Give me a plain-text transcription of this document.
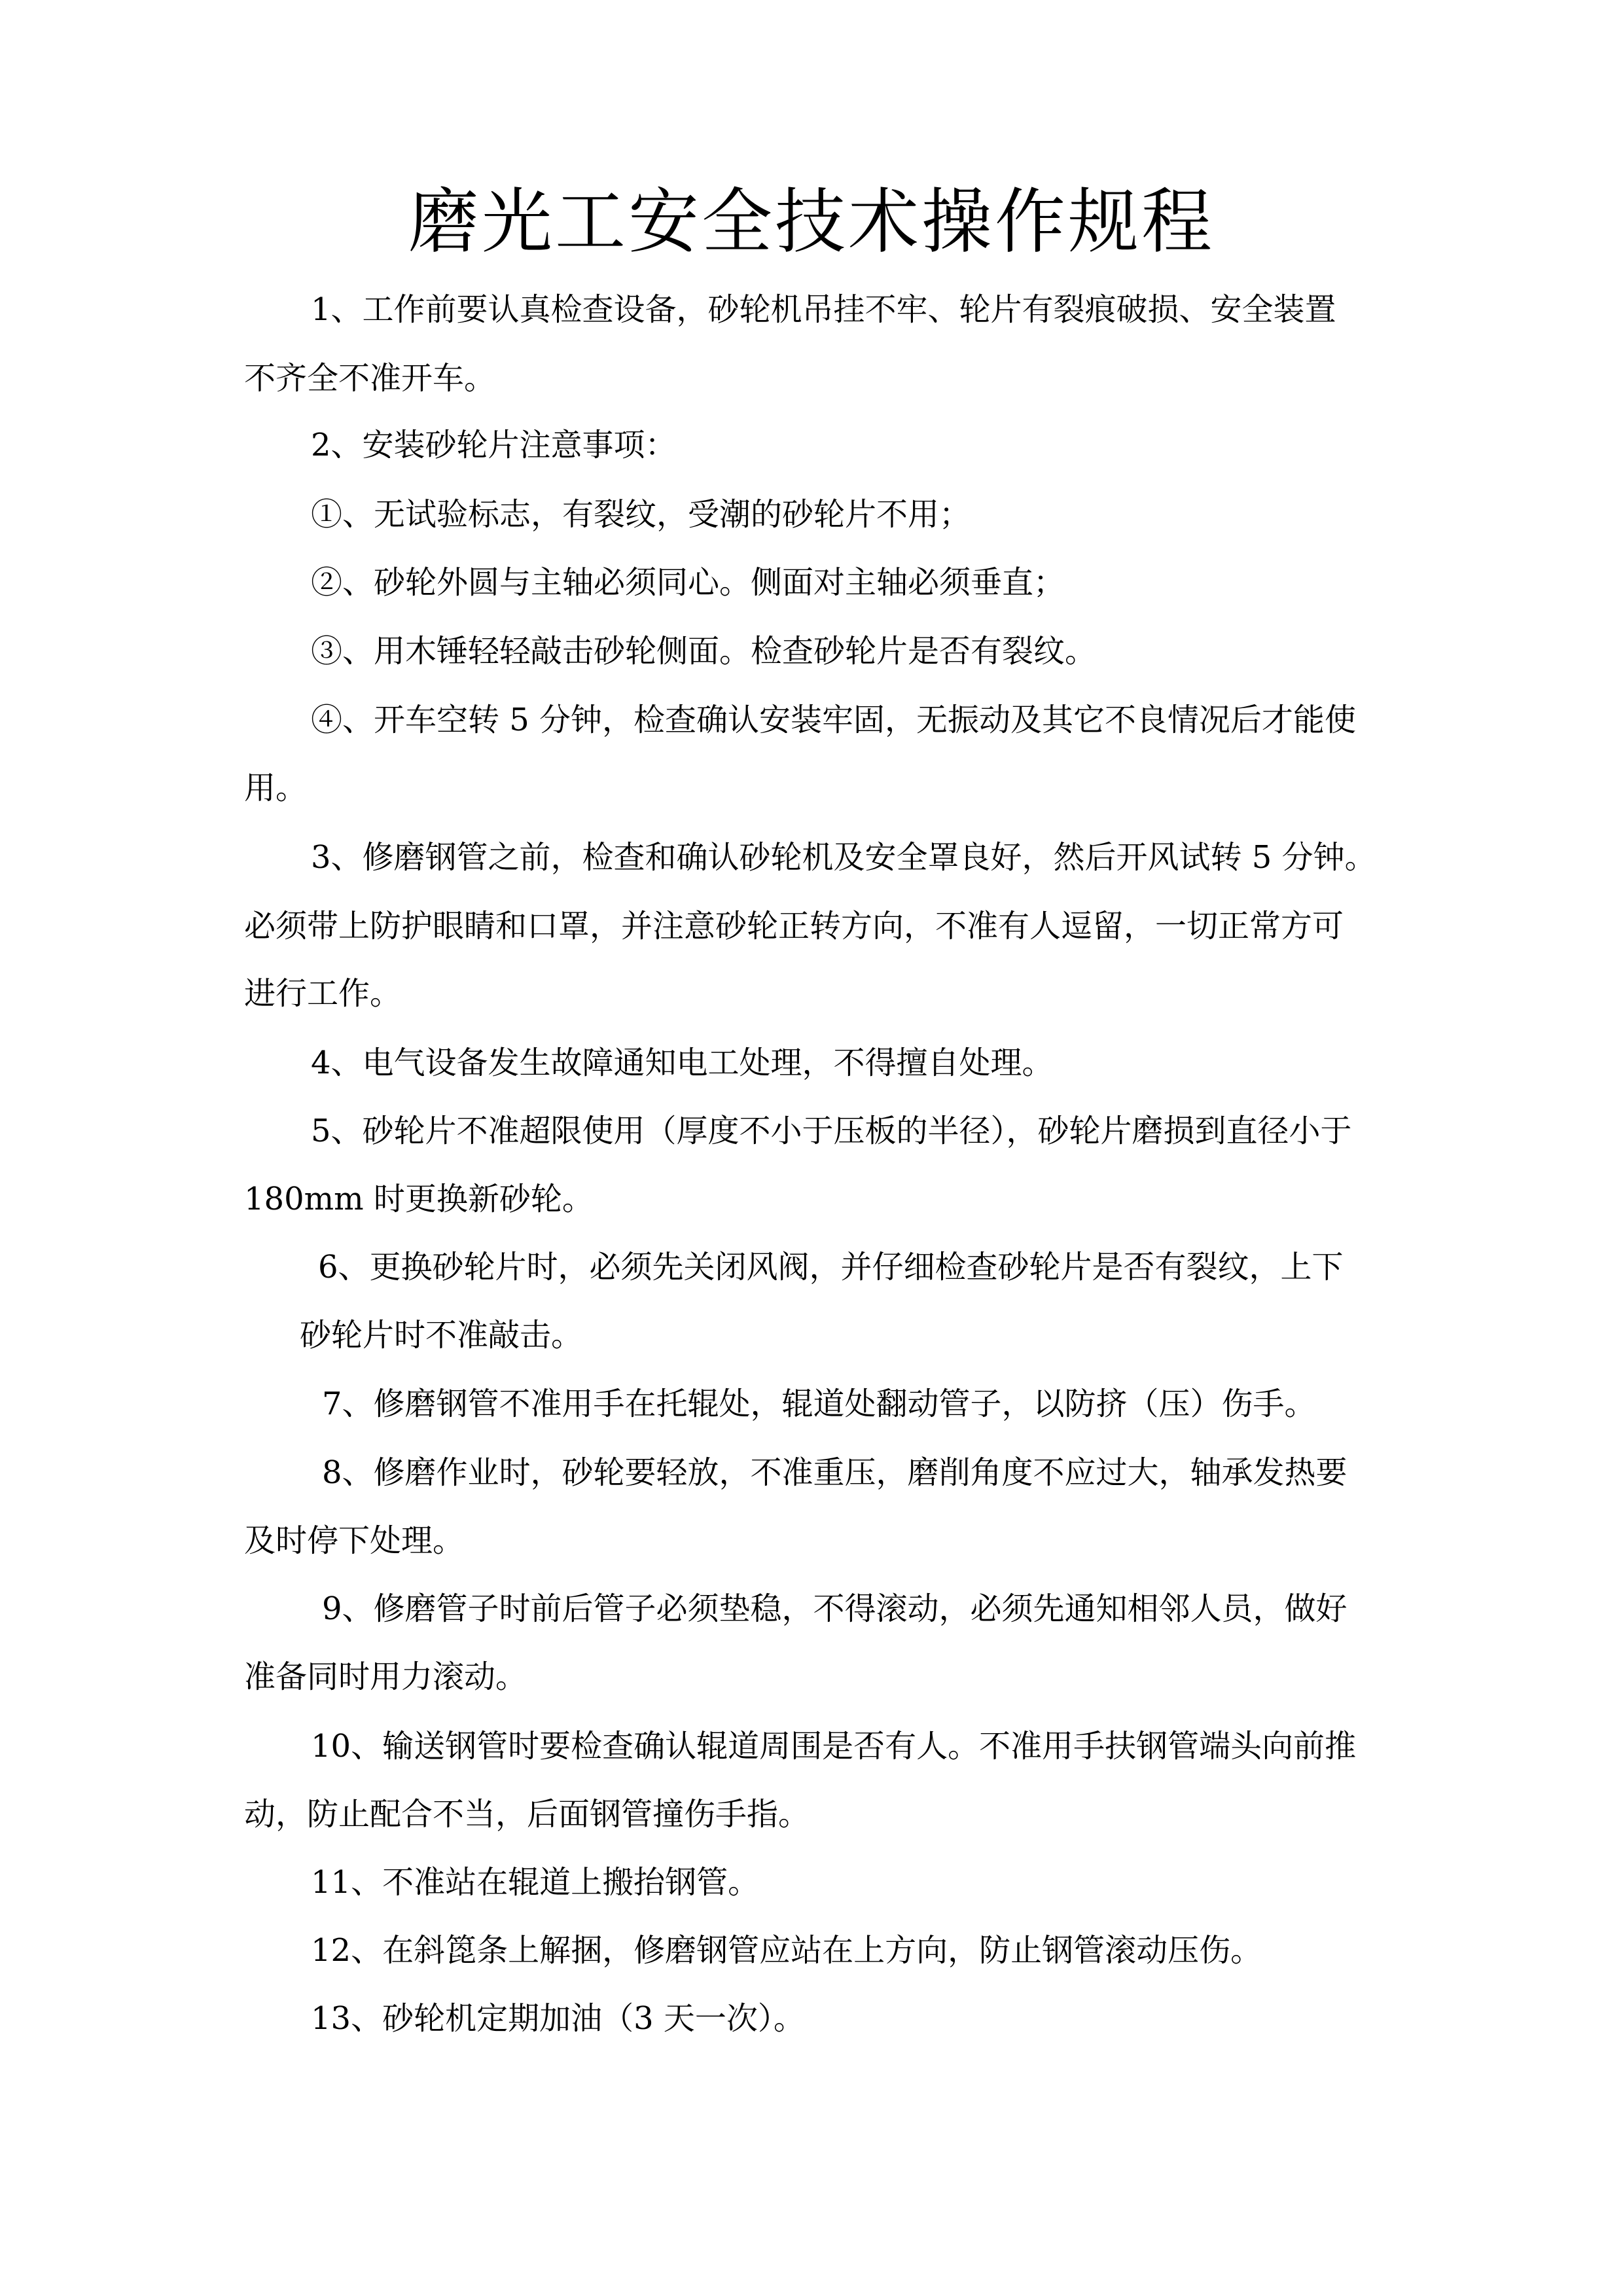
磨光工安全技术操作规程
1、工作前要认真检查设备，砂轮机吊挂不牢、轮片有裂痕破损、安全装置
不齐全不准开车。
2、安装砂轮片注意事项：
①、无试验标志，有裂纹，受潮的砂轮片不用；
②、砂轮外圆与主轴必须同心。侧面对主轴必须垂直；
③、用木锤轻轻敲击砂轮侧面。检查砂轮片是否有裂纹。
④、开车空转 5 分钟，检查确认安装牢固，无振动及其它不良情况后才能使
用。
3、修磨钢管之前，检查和确认砂轮机及安全罩良好，然后开风试转 5 分钟。
必须带上防护眼睛和口罩，并注意砂轮正转方向，不准有人逗留，一切正常方可
进行工作。
4、电气设备发生故障通知电工处理，不得擅自处理。
5、砂轮片不准超限使用（厚度不小于压板的半径），砂轮片磨损到直径小于
180mm 时更换新砂轮。
6、更换砂轮片时，必须先关闭风阀，并仔细检查砂轮片是否有裂纹，上下
砂轮片时不准敲击。
7、修磨钢管不准用手在托辊处，辊道处翻动管子，以防挤（压）伤手。
8、修磨作业时，砂轮要轻放，不准重压，磨削角度不应过大，轴承发热要
及时停下处理。
9、修磨管子时前后管子必须垫稳，不得滚动，必须先通知相邻人员，做好
准备同时用力滚动。
10、输送钢管时要检查确认辊道周围是否有人。不准用手扶钢管端头向前推
动，防止配合不当，后面钢管撞伤手指。
11、不准站在辊道上搬抬钢管。
12、在斜箆条上解捆，修磨钢管应站在上方向，防止钢管滚动压伤。
13、砂轮机定期加油（3 天一次）。
